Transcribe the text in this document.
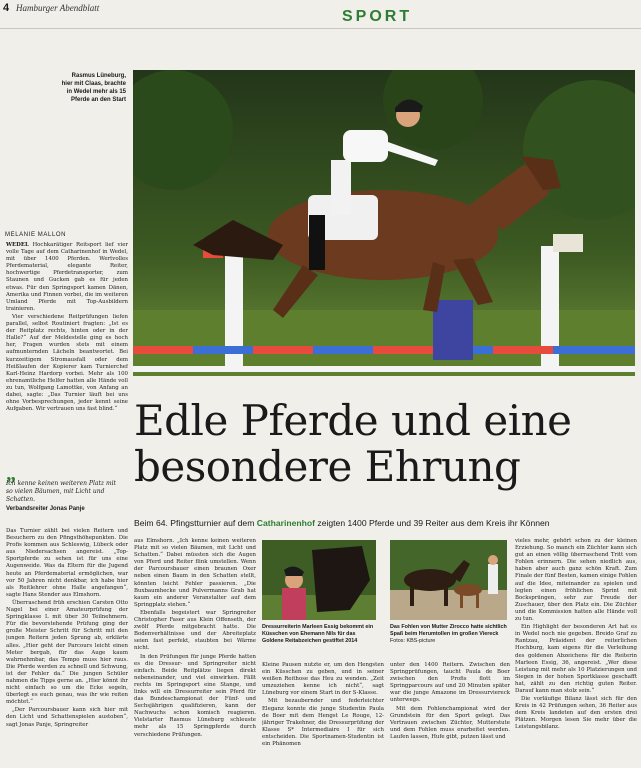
4 Hamburger Abendblatt	SPORT
Rasmus Lüneburg, hier mit Claas, brachte in Wedel mehr als 15 Pferde an den Start
MELANIE MALLON

WEDEL Hochkarätiger Reitsport lief vier volle Tage auf dem Catharinenhof in Wedel, mit über 1400 Pferden. Wertvolles Pferdematerial, elegante Reiter, hochwertige Pferdetransporter, zum Staunen und Gucken gab es für jeden etwas. Für den Springsport kamen Dänen, Amerika und Finnen vorbei, die im weiteren Umland Pferde mit Top-Ausbildern trainieren.

Vier verschiedene Reitprüfungen liefen parallel, selbst Routiniert fragten: „Ist es der Reitplatz rechts, hinten oder in der Halle?“ Auf der Meldestelle ging es hoch her, Fragen wurden stets mit einem aufmunternden Lächeln beantwortet. Bei kurzzeitigem Stromausfall oder dem Heißlaufen der Kopierer kam Turnierchef Karl-Heinz Hardorp vorbei. Mehr als 100 ehrenamtliche Helfer hatten alle Hände voll zu tun, Wolfgang Lamottke, von Anfang an dabei, sagte: „Das Turnier läuft bei uns ohne Vorbesprechungen, jeder kennt seine Aufgaben. Wir vertrauen uns fast blind.“

„
Ich kenne keinen weiteren Platz mit so vielen Bäumen, mit Licht und Schatten.
Verbandsreiter Jonas Panje

Das Turnier zählt bei vielen Reitern und Besuchern zu den Pfingsthöhepunkten. Die Profis kommen aus Schleswig, Lübeck oder aus Niedersachsen angereist. „Top-Sportpferde zu sehen ist für uns eine Augenweide. Was da Eltern für die Jugend heute an Pferdematerial ermöglichen, war vor 50 Jahren nicht denkbar, ich habe hier als Reitlehrer ohne Halle angefangen“, sagte Hans Stender aus Elmshorn.

Überraschend früh erschien Carsten Otto Nagel bei einer Amateurprüfung der Springklasse L mit über 30 Teilnehmern. Für die bevorstehende Prüfung ging der große Meister Schritt für Schritt mit den jungen Reitern jeden Sprung ab, erklärte alles. „Hier geht der Parcours leicht einen Meter bergab, für das Auge kaum wahrnehmbar, das Tempo muss hier raus. Die Pferde werden zu schnell und Schwung, ist der Fehler da.“ Die jungen Schüler nahmen die Tipps gerne an. „Hier könnt ihr nicht einfach so um die Ecke segeln, überlegt es euch genau, was ihr wie reiten möchtet.“

„Der Parcoursbauer kann sich hier mit den Licht und Schattenspielen austoben“, sagt Jonas Panje, Springreiter

Edle Pferde und eine besondere Ehrung
Beim 64. Pfingstturnier auf dem Catharinenhof zeigten 1400 Pferde und 39 Reiter aus dem Kreis ihr Können

aus Elmshorn. „Ich kenne keinen weiteren Platz mit so vielen Bäumen, mit Licht und Schatten.“ Dabei müssten sich die Augen von Pferd und Reiter flink umstellen. Wenn der Parcoursbauer einen braunen Oxer neben einen Baum in den Schatten stellt, könnten leicht Fehler passieren. „Die Buxbaumhecke und Pulvermanns Grab hat kaum ein anderer Veranstalter auf dem Springplatz stehen.“

Ebenfalls begeistert war Springreiter Christopher Faser aus Klein Offenseth, der zwölf Pferde mitgebracht hatte. Die Bodenverhältnisse und der Abreiteplatz seien fast perfekt, staubten bei Wärme nicht.

In den Prüfungen für junge Pferde hatten es die Dressur- und Springreiter nicht einfach. Beide Reitplätze liegen direkt nebeneinander, und viel einwirken. Fällt rechts im Springsport eine Stange, und links will ein Dressurreiter sein Pferd für das Bundeschampionat der Fünf- und Sechsjährigen qualifizieren, kann der Nachwuchs schon komisch reagieren. Vielstarter Rasmus Lüneburg schleuste mehr als 15 Springpferde durch verschiedene Prüfungen.

Dressurreiterin Marleen Essig bekommt ein Küsschen von Ehemann Nils für das Goldene Reitabzeichen gestiftet 2014
Das Fohlen von Mutter Zirocco hatte sichtlich Spaß beim Herumtollen im großen Viereck Fotos: KBS-picture

Kleine Pausen nutzte er, um den Hengsten ein Küsschen zu geben, und in seiner weißen Reithose das Heu zu wenden. „Zeit umzuziehen kenne ich nicht“, sagt Lüneburg vor einem Start in der S-Klasse.

Mit bezaubernder und federleichter Eleganz konnte die junge Studentin Paula de Boer mit dem Hengst Le Rouge, 12-jähriger Trakehner, die Dressurprüfung der Klasse S* Intermediaire I für sich entscheiden. Die Sportnamen-Studentin ist ein Phänomen

unter den 1400 Reitern. Zwischen den Springprüfungen, taucht Paula de Boer zwischen den Profis flott im Springparcours auf und 20 Minuten später war die junge Amazone im Dressurviereck unterwegs.

Mit dem Fohlenchampionat wird der Grundstein für den Sport gelegt. Das Vertrauen zwischen Züchter, Mutterstute und dem Fohlen muss erarbeitet werden. Laufen lassen, Hufe gibt, putzen lässt und

vieles mehr, gehört schon zu der kleinen Erziehung. So manch ein Züchter kann sich gut an einen völlig überraschend Tritt vom Fohlen erinnern. Die sehen niedlich aus, haben aber auch ganz schön Kraft. Zum Finale der fünf Besten, kamen einige Fohlen auf die Idee, miteinander zu spielen und legten einen fröhlichen Sprint mit Bocksprüngen, sehr zur Freude der Zuschauer, über den Platz ein. Die Züchter und die Kommission hatten alle Hände voll zu tun.

Ein Highlight der besonderen Art hat es in Wedel noch nie gegeben. Breido Graf zu Rantzau, Präsident der reiterlichen Hochburg, kam eigens für die Verleihung des goldenen Abzeichens für die Reiterin Marleen Essig, 36, angereist. „Wer diese Leistung mit mehr als 10 Platzierungen und Siegen in der hohen Sportklasse geschafft hat, zählt zu den richtig guten Reiter. Darauf kann man stolz sein.“

Die vorläufige Bilanz lässt sich für den Kreis in 42 Prüfungen sehen, 36 Reiter aus dem Kreis landeten auf den ersten drei Plätzen. Morgen lesen Sie mehr über die Leistungsbilanz.
